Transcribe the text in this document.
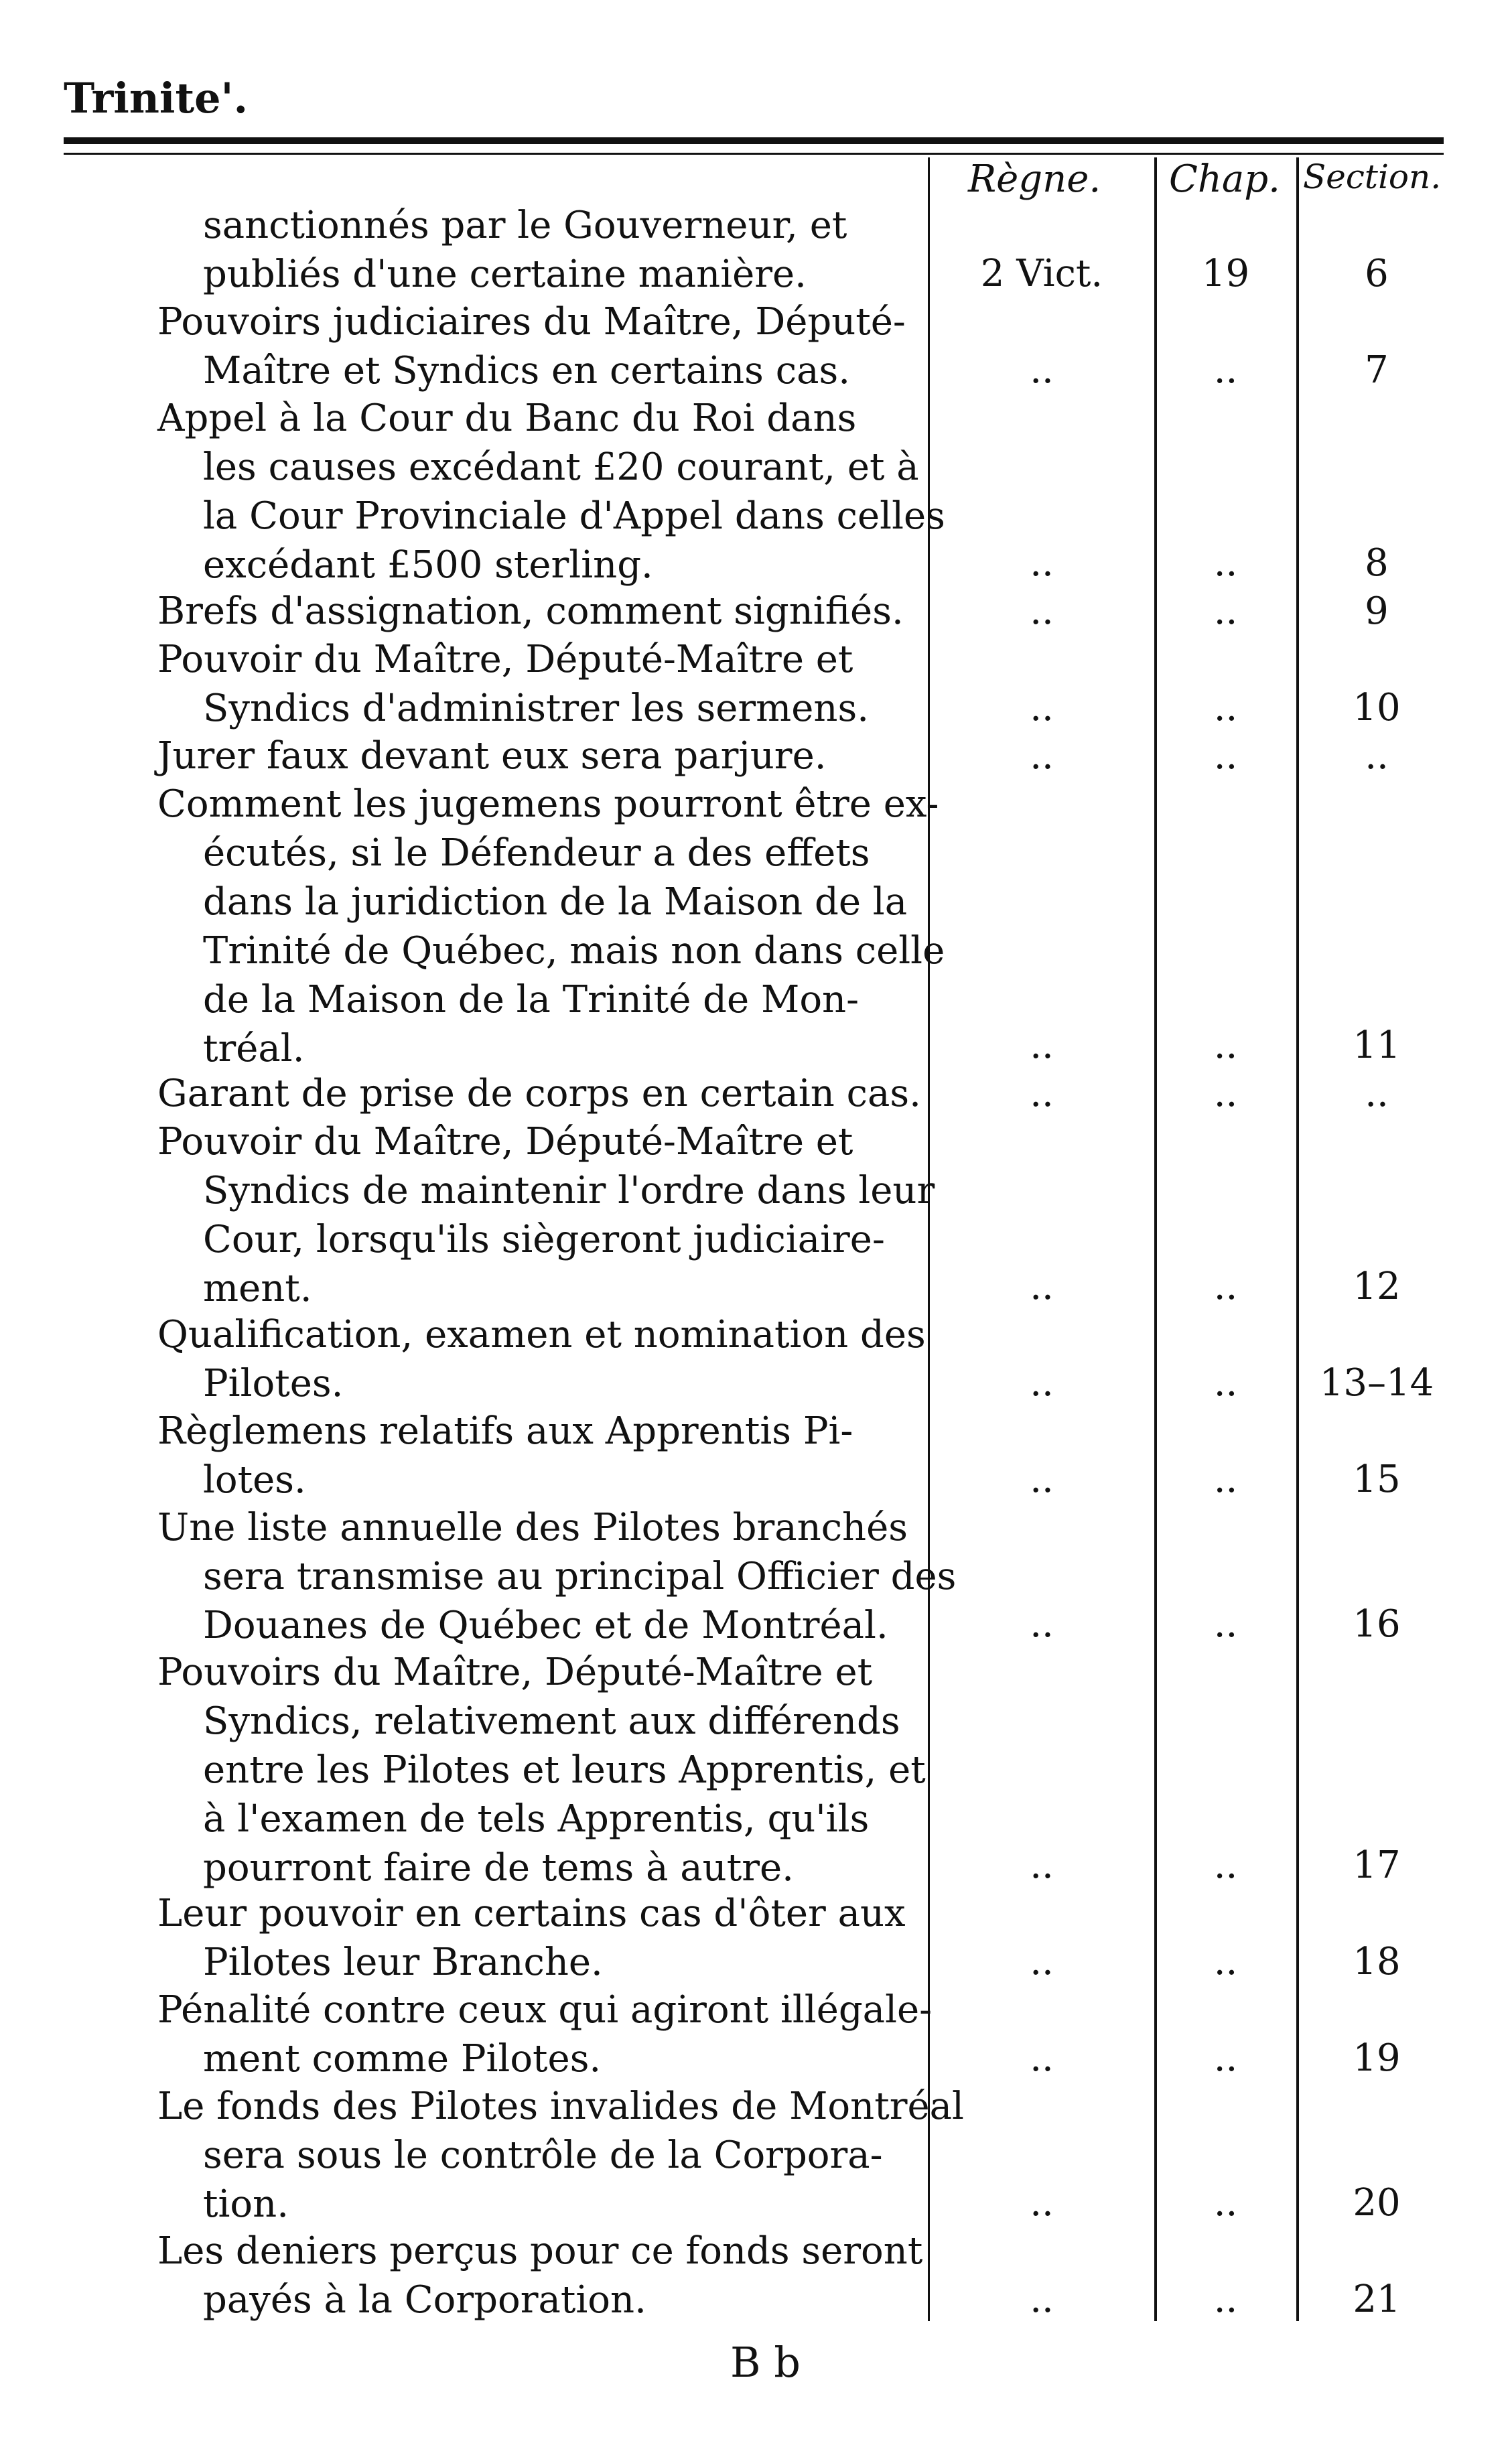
Trinite'.
Règne. Chap. Section.
sanctionnés par le Gouverneur, et
publiés d'une certaine manière.	2 Vict.	19	6
Pouvoirs judiciaires du Maître, Député-
Maître et Syndics en certains cas.	..	..	7
Appel à la Cour du Banc du Roi dans
les causes excédant £20 courant, et à
la Cour Provinciale d'Appel dans celles
excédant £500 sterling.	..	..	8
Brefs d'assignation, comment signifiés.	..	..	9
Pouvoir du Maître, Député-Maître et
Syndics d'administrer les sermens.	..	..	10
Jurer faux devant eux sera parjure.	..	..	..
Comment les jugemens pourront être ex-
écutés, si le Défendeur a des effets
dans la juridiction de la Maison de la
Trinité de Québec, mais non dans celle
de la Maison de la Trinité de Mon-
tréal.	..	..	11
Garant de prise de corps en certain cas.	..	..	..
Pouvoir du Maître, Député-Maître et
Syndics de maintenir l'ordre dans leur
Cour, lorsqu'ils siègeront judiciaire-
ment.	..	..	12
Qualification, examen et nomination des
Pilotes.	..	..	13–14
Règlemens relatifs aux Apprentis Pi-
lotes.	..	..	15
Une liste annuelle des Pilotes branchés
sera transmise au principal Officier des
Douanes de Québec et de Montréal.	..	..	16
Pouvoirs du Maître, Député-Maître et
Syndics, relativement aux différends
entre les Pilotes et leurs Apprentis, et
à l'examen de tels Apprentis, qu'ils
pourront faire de tems à autre.	..	..	17
Leur pouvoir en certains cas d'ôter aux
Pilotes leur Branche.	..	..	18
Pénalité contre ceux qui agiront illégale-
ment comme Pilotes.	..	..	19
Le fonds des Pilotes invalides de Montréal
sera sous le contrôle de la Corpora-
tion.	..	..	20
Les deniers perçus pour ce fonds seront
payés à la Corporation.	..	..	21
B b
